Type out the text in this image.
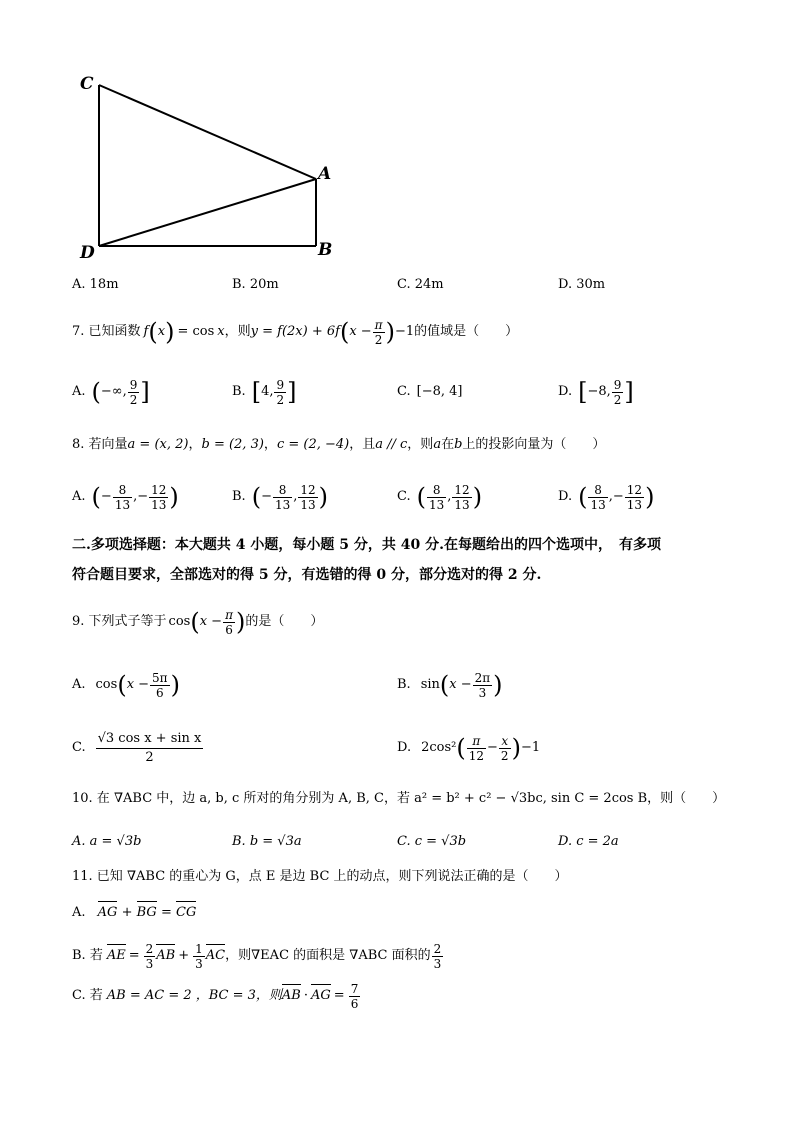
C
A
D	B
A. 18m	B. 20m	C. 24m	D. 30m
7. 已知函数 f ( x ) = cos x ，则 y = f(2x) + 6f ( $x - \frac{\pi}{2}$ ) −1 的值域是（　　）
A. ( −∞, $\frac{9}{2}$ ]	B. [ 4, $\frac{9}{2}$ ]	C. [−8, 4]	D. [ −8, $\frac{9}{2}$ ]
8. 若向量a = (x, 2)，b = (2, 3)，c = (2, −4)，且a // c，则a在b上的投影向量为（　　）
A. ( − $\frac{8}{13}$ ,− $\frac{12}{13}$ )	B. ( − $\frac{8}{13}$ , $\frac{12}{13}$ )	C. ( $\frac{8}{13}$ , $\frac{12}{13}$ )	D. ( $\frac{8}{13}$ ,− $\frac{12}{13}$ )
二.多项选择题：本大题共 4 小题，每小题 5 分，共 40 分.在每题给出的四个选项中，　有多项
符合题目要求，全部选对的得 5 分，有选错的得 0 分，部分选对的得 2 分.
9. 下列式子等于 cos ( $x - \frac{\pi}{6}$ ) 的是（　　）
A. cos ( $x - \frac{5\pi}{6}$ )	B. sin ( $x - \frac{2\pi}{3}$ )
C. $\frac{\text{√3 cos x + sin x}}{2}$	D. 2cos² ( $\frac{\pi}{12} - \frac{x}{2}$ ) −1
10. 在 ∇ABC 中，边 a, b, c 所对的角分别为 A, B, C，若 a² = b² + c² − √3bc, sin C = 2cos B，则（　　）
A. a = √3b	B. b = √3a	C. c = √3b	D. c = 2a
11. 已知 ∇ABC 的重心为 G，点 E 是边 BC 上的动点，则下列说法正确的是（　　）
A. AG + BG = CG
B. 若 AE = $\frac{2}{3}$ AB + $\frac{1}{3}$ AC ，则∇EAC 的面积是 ∇ABC 面积的 $\frac{2}{3}$
C. 若 AB = AC = 2 ，BC = 3，则 AB · AG = $\frac{7}{6}$
